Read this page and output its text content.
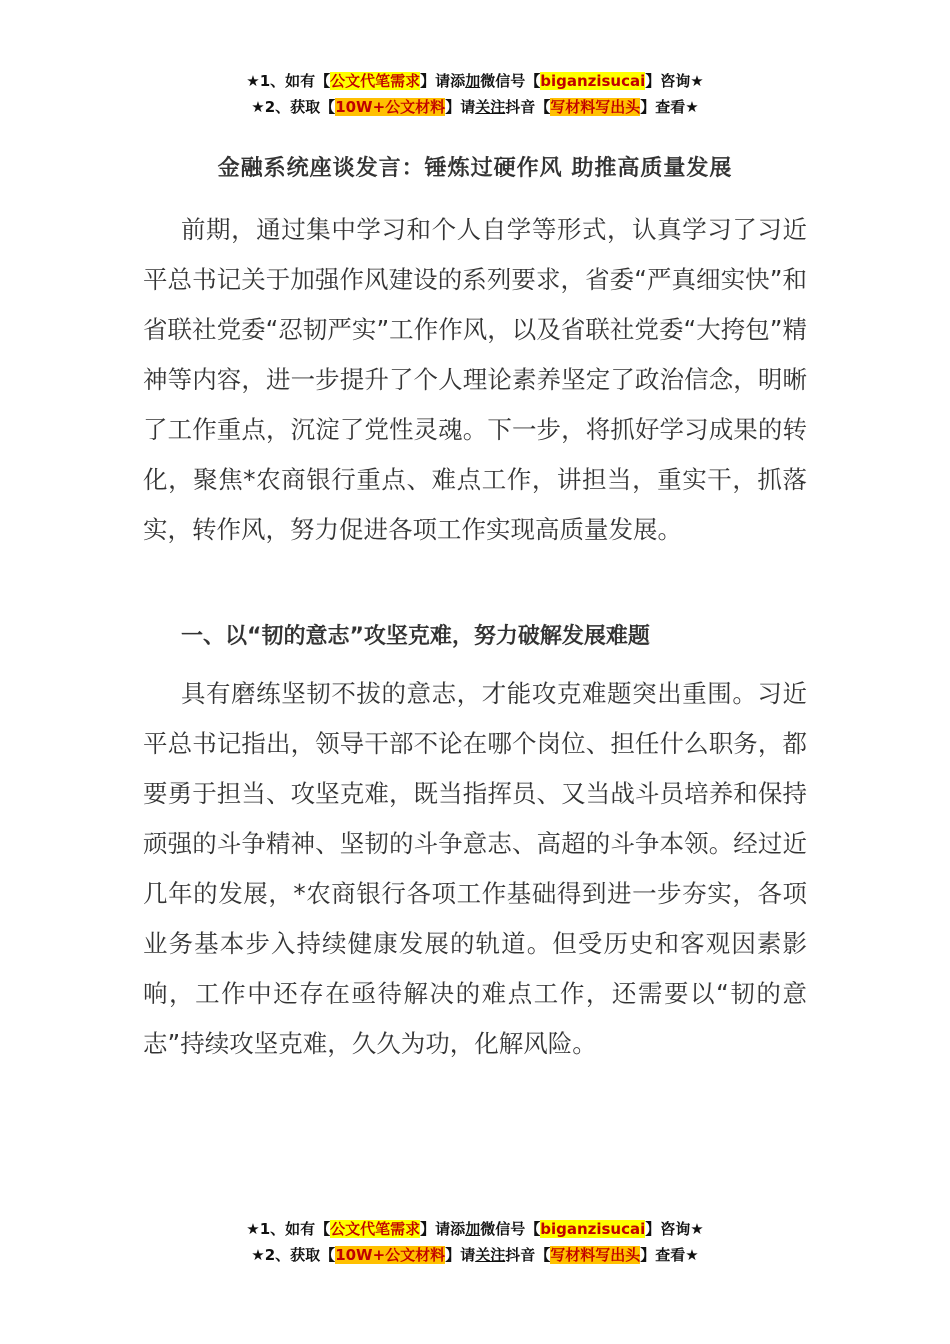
★1、如有【公文代笔需求】请添加微信号【biganzisucai】咨询★
★2、获取【10W+公文材料】请关注抖音【写材料写出头】查看★
金融系统座谈发言：锤炼过硬作风 助推高质量发展

前期，通过集中学习和个人自学等形式，认真学习了习近平总书记关于加强作风建设的系列要求，省委“严真细实快”和省联社党委“忍韧严实”工作作风，以及省联社党委“大挎包”精神等内容，进一步提升了个人理论素养坚定了政治信念，明晰了工作重点，沉淀了党性灵魂。下一步，将抓好学习成果的转化，聚焦*农商银行重点、难点工作，讲担当，重实干，抓落实，转作风，努力促进各项工作实现高质量发展。

一、以“韧的意志”攻坚克难，努力破解发展难题

具有磨练坚韧不拔的意志，才能攻克难题突出重围。习近平总书记指出，领导干部不论在哪个岗位、担任什么职务，都要勇于担当、攻坚克难，既当指挥员、又当战斗员培养和保持顽强的斗争精神、坚韧的斗争意志、高超的斗争本领。经过近几年的发展，*农商银行各项工作基础得到进一步夯实，各项业务基本步入持续健康发展的轨道。但受历史和客观因素影响，工作中还存在亟待解决的难点工作，还需要以“韧的意志”持续攻坚克难，久久为功，化解风险。

★1、如有【公文代笔需求】请添加微信号【biganzisucai】咨询★
★2、获取【10W+公文材料】请关注抖音【写材料写出头】查看★
